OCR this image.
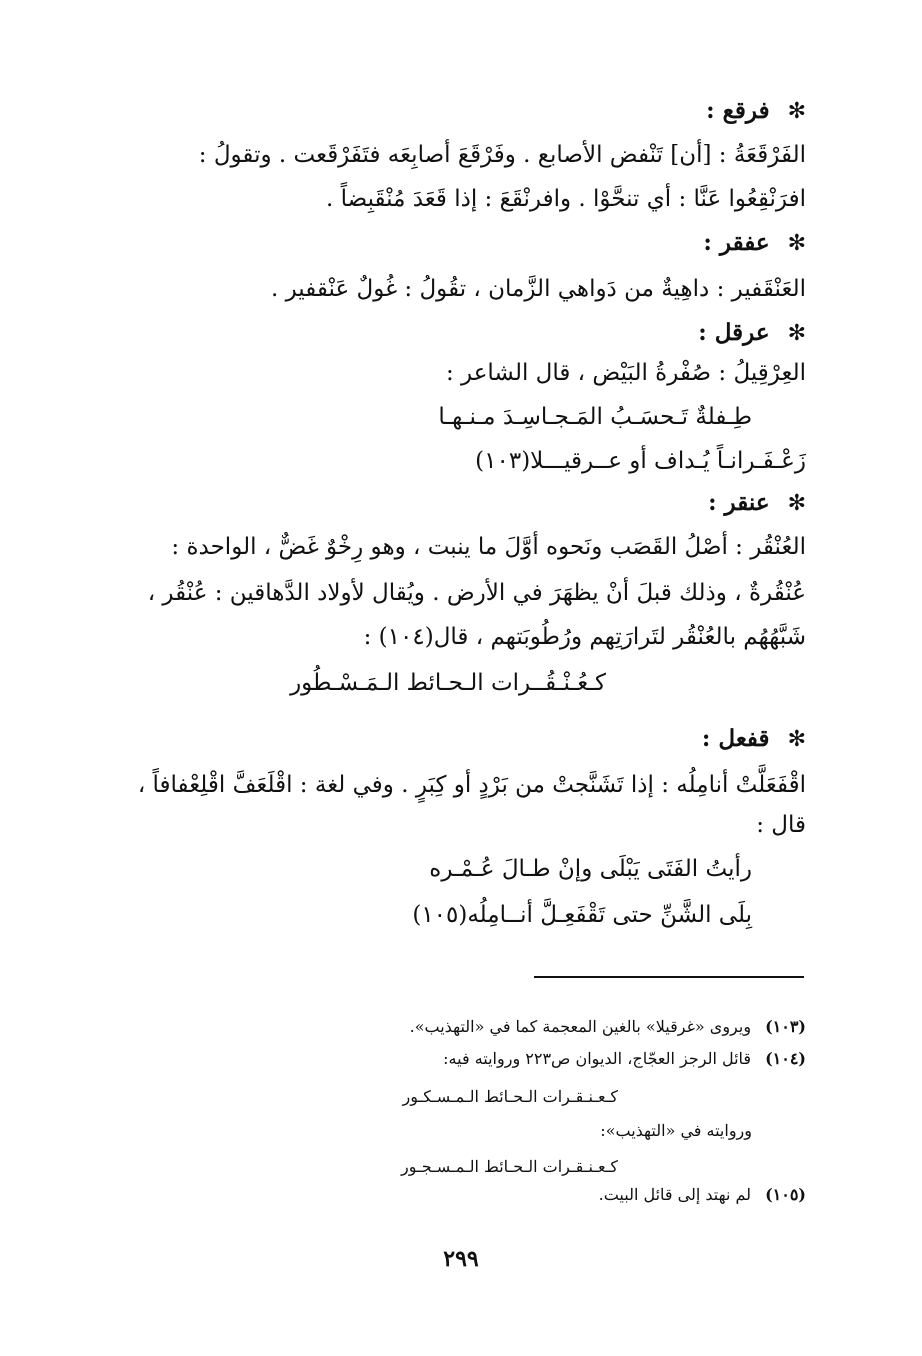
✻فرقع :
الفَرْقَعَةُ : [أن] تَنْفض الأصابع . وفَرْقَعَ أصابِعَه فتَفَرْقَعت . وتقولُ :
افرَنْقِعُوا عَنَّا : أي تنحَّوْا . وافرنْقَعَ : إذا قَعَدَ مُنْقَبِضاً .
✻عفقر :
العَنْقَفير : داهِيةٌ من دَواهي الزَّمان ، تقُولُ : غُولٌ عَنْقفير .
✻عرقل :
العِرْقِيلُ : صُفْرةُ البَيْض ، قال الشاعر :
طِـفلةٌ تَـحسَـبُ المَـجـاسِـدَ مـنـهـا
زَعْـفَـرانـاً يُـداف أو عــرقيـــلا(١٠٣)
✻عنقر :
العُنْقُر : أصْلُ القَصَب ونَحوه أوَّلَ ما ينبت ، وهو رِخْوٌ غَضٌّ ، الواحدة :
عُنْقُرةٌ ، وذلك قبلَ أنْ يظهَرَ في الأرض . ويُقال لأولاد الدَّهاقين : عُنْقُر ،
شَبَّهُهُم بالعُنْقُر لتَرارَتِهم ورُطُوبَتهم ، قال(١٠٤) :
كـعُـنْـقُــرات الـحـائط الـمَـسْـطُور
✻قفعل :
اقْفَعَلَّتْ أنامِلُه : إذا تَشَنَّجتْ من بَرْدٍ أو كِبَرٍ . وفي لغة : اقْلَعَفَّ اقْلِعْفافاً ،
قال :
رأيتُ الفَتَى يَبْلَى وإنْ طـالَ عُـمْـره
بِلَى الشَّنِّ حتى تَقْفَعِـلَّ أنــامِلُه(١٠٥)
(١٠٣)ويروى «غرقيلا» بالغين المعجمة كما في «التهذيب».
(١٠٤)قائل الرجز العجّاج، الديوان ص٢٢٣ وروايته فيه:
كـعـنـقـرات الـحـائط الـمـسـكـور
وروايته في «التهذيب»:
كـعـنـقـرات الـحـائط الـمـسـجـور
(١٠٥)لم نهتد إلى قائل البيت.
٢٩٩
